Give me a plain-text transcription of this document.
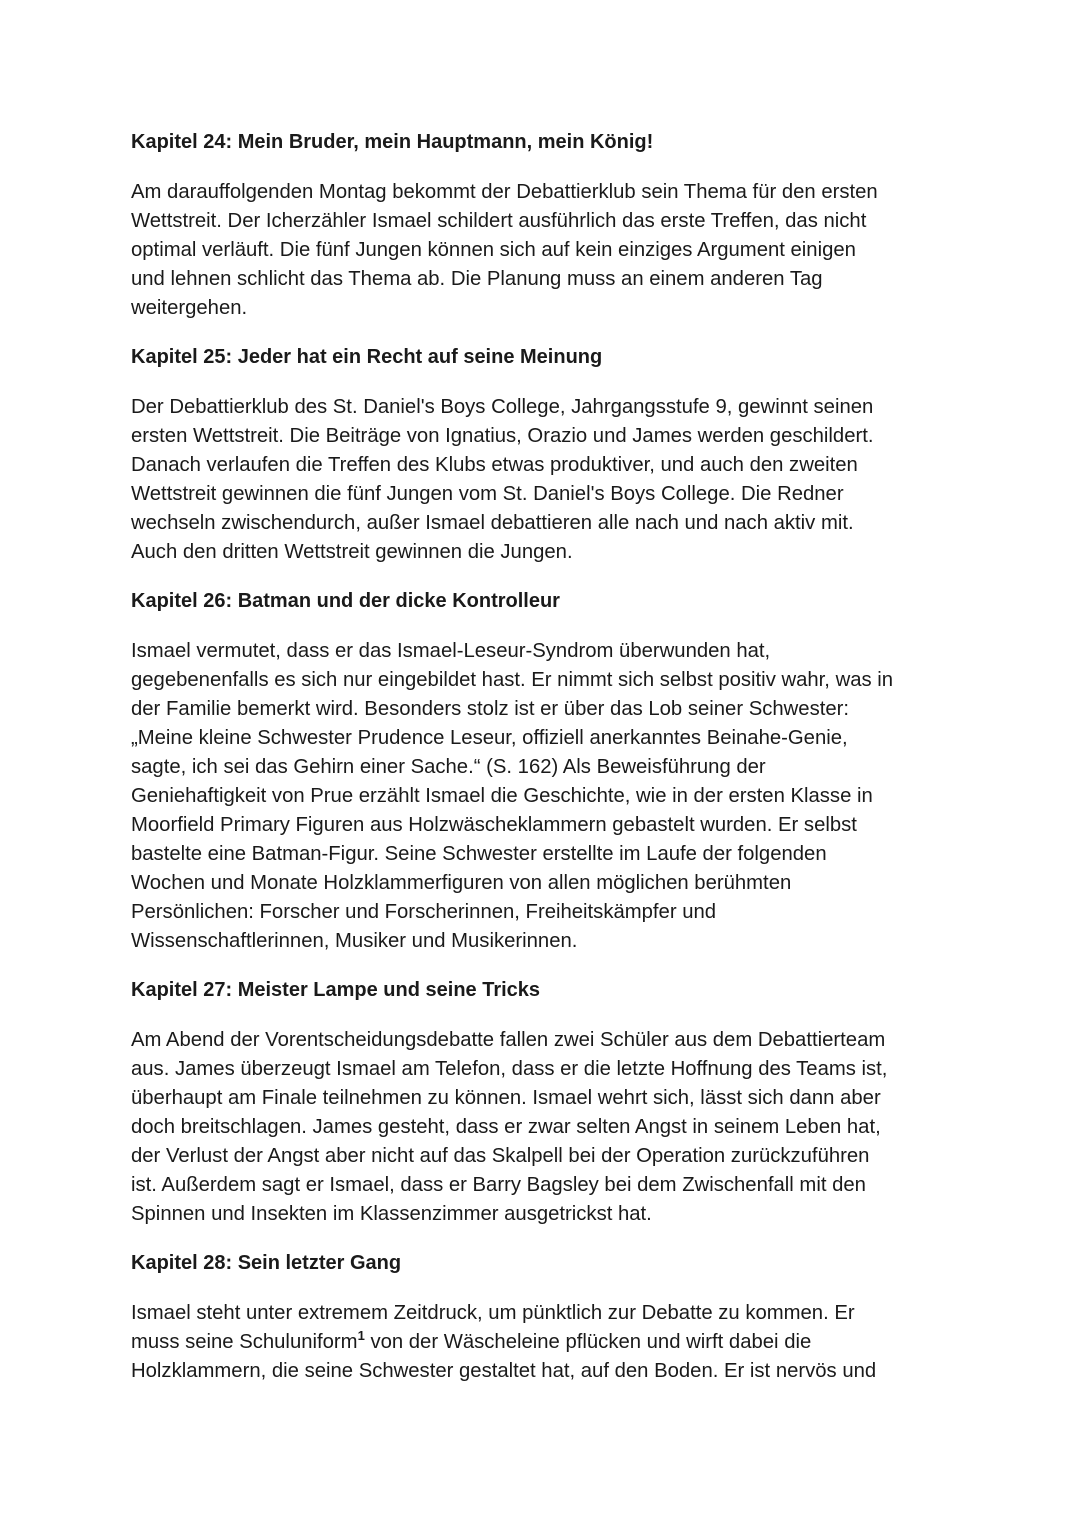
Kapitel 24: Mein Bruder, mein Hauptmann, mein König!
Am darauffolgenden Montag bekommt der Debattierklub sein Thema für den ersten
Wettstreit. Der Icherzähler Ismael schildert ausführlich das erste Treffen, das nicht
optimal verläuft. Die fünf Jungen können sich auf kein einziges Argument einigen
und lehnen schlicht das Thema ab. Die Planung muss an einem anderen Tag
weitergehen.
Kapitel 25: Jeder hat ein Recht auf seine Meinung
Der Debattierklub des St. Daniel's Boys College, Jahrgangsstufe 9, gewinnt seinen
ersten Wettstreit. Die Beiträge von Ignatius, Orazio und James werden geschildert.
Danach verlaufen die Treffen des Klubs etwas produktiver, und auch den zweiten
Wettstreit gewinnen die fünf Jungen vom St. Daniel's Boys College. Die Redner
wechseln zwischendurch, außer Ismael debattieren alle nach und nach aktiv mit.
Auch den dritten Wettstreit gewinnen die Jungen.
Kapitel 26: Batman und der dicke Kontrolleur
Ismael vermutet, dass er das Ismael-Leseur-Syndrom überwunden hat,
gegebenenfalls es sich nur eingebildet hast. Er nimmt sich selbst positiv wahr, was in
der Familie bemerkt wird. Besonders stolz ist er über das Lob seiner Schwester:
„Meine kleine Schwester Prudence Leseur, offiziell anerkanntes Beinahe-Genie,
sagte, ich sei das Gehirn einer Sache.“ (S. 162) Als Beweisführung der
Geniehaftigkeit von Prue erzählt Ismael die Geschichte, wie in der ersten Klasse in
Moorfield Primary Figuren aus Holzwäscheklammern gebastelt wurden. Er selbst
bastelte eine Batman-Figur. Seine Schwester erstellte im Laufe der folgenden
Wochen und Monate Holzklammerfiguren von allen möglichen berühmten
Persönlichen: Forscher und Forscherinnen, Freiheitskämpfer und
Wissenschaftlerinnen, Musiker und Musikerinnen.
Kapitel 27: Meister Lampe und seine Tricks
Am Abend der Vorentscheidungsdebatte fallen zwei Schüler aus dem Debattierteam
aus. James überzeugt Ismael am Telefon, dass er die letzte Hoffnung des Teams ist,
überhaupt am Finale teilnehmen zu können. Ismael wehrt sich, lässt sich dann aber
doch breitschlagen. James gesteht, dass er zwar selten Angst in seinem Leben hat,
der Verlust der Angst aber nicht auf das Skalpell bei der Operation zurückzuführen
ist. Außerdem sagt er Ismael, dass er Barry Bagsley bei dem Zwischenfall mit den
Spinnen und Insekten im Klassenzimmer ausgetrickst hat.
Kapitel 28: Sein letzter Gang
Ismael steht unter extremem Zeitdruck, um pünktlich zur Debatte zu kommen. Er
muss seine Schuluniform$^1$ von der Wäscheleine pflücken und wirft dabei die
Holzklammern, die seine Schwester gestaltet hat, auf den Boden. Er ist nervös und
